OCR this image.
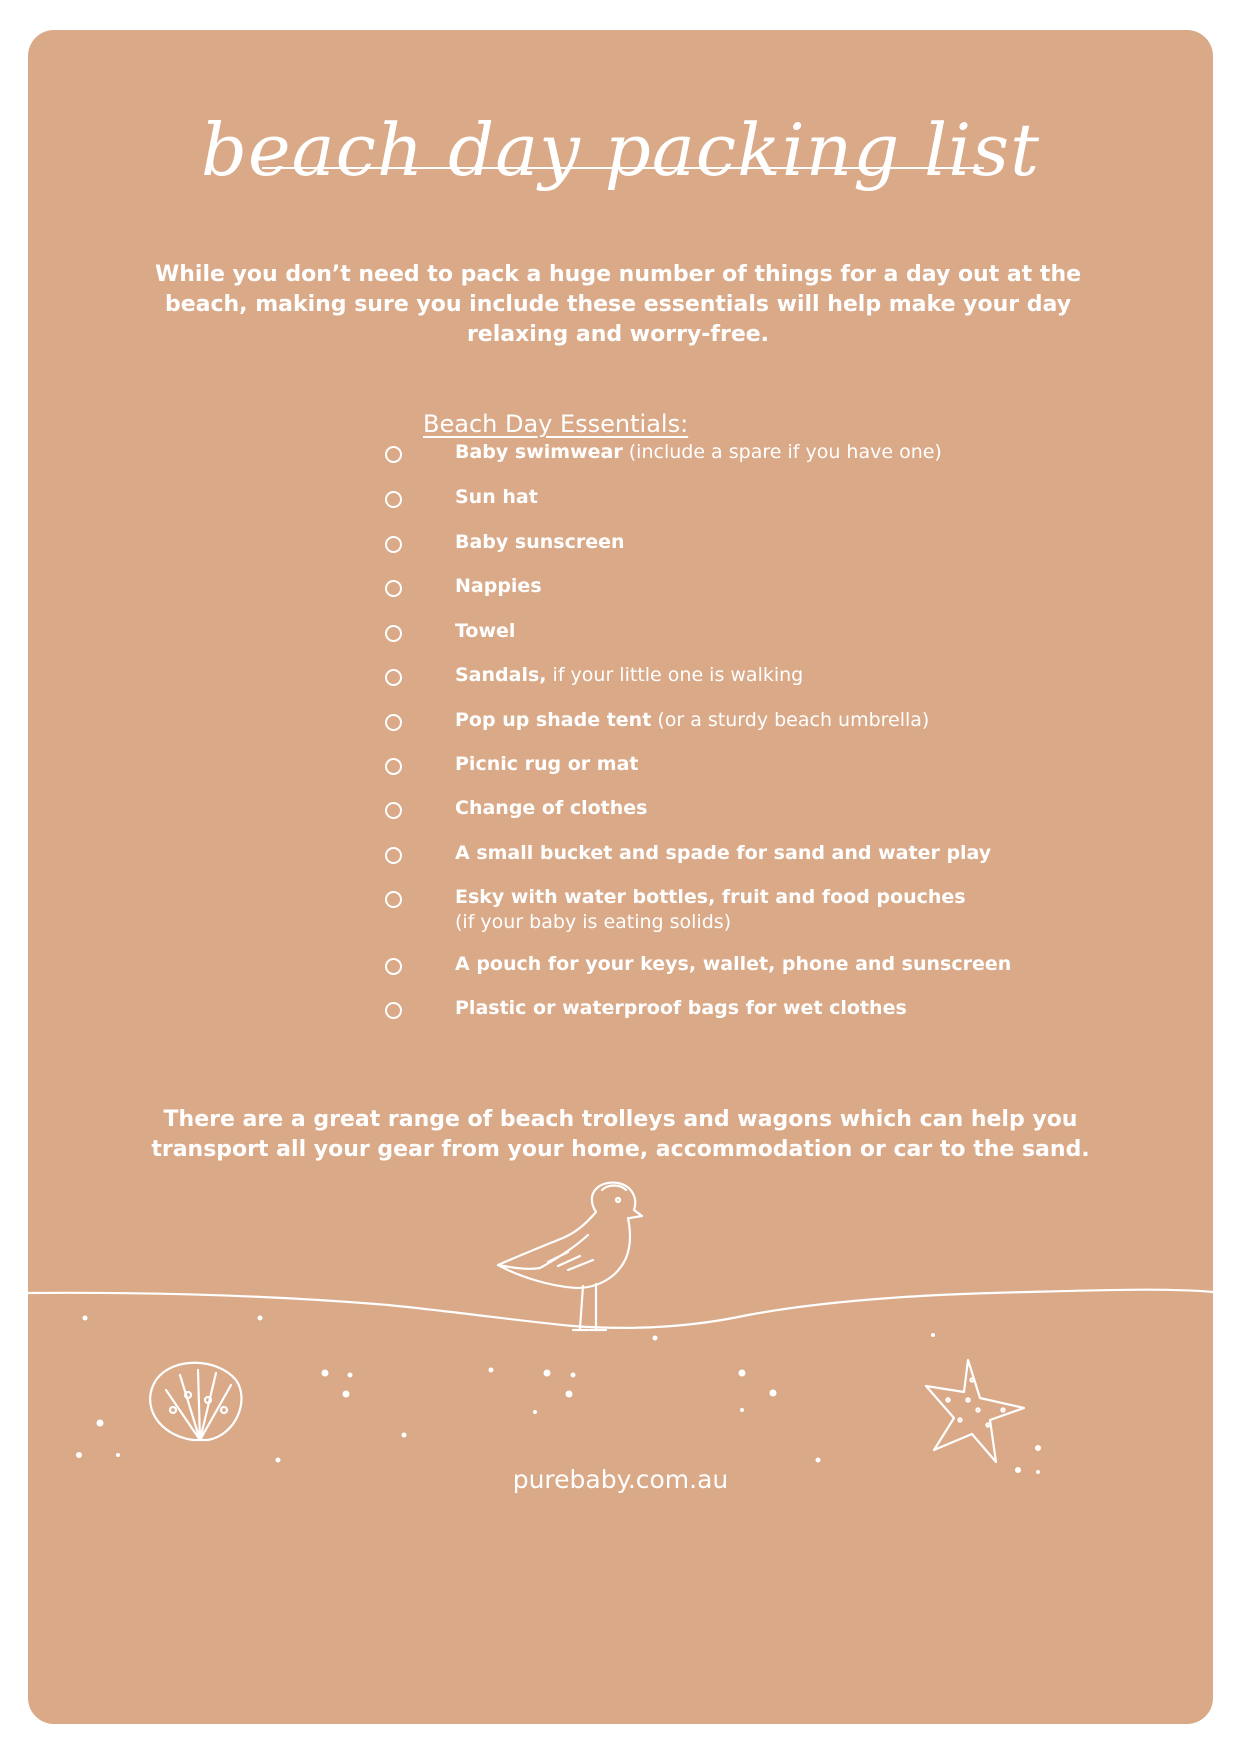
beach day packing list

While you don’t need to pack a huge number of things for a day out at the beach, making sure you include these essentials will help make your day relaxing and worry-free.

Beach Day Essentials:
Baby swimwear (include a spare if you have one)
Sun hat
Baby sunscreen
Nappies
Towel
Sandals, if your little one is walking
Pop up shade tent (or a sturdy beach umbrella)
Picnic rug or mat
Change of clothes
A small bucket and spade for sand and water play
Esky with water bottles, fruit and food pouches
(if your baby is eating solids)
A pouch for your keys, wallet, phone and sunscreen
Plastic or waterproof bags for wet clothes

There are a great range of beach trolleys and wagons which can help you transport all your gear from your home, accommodation or car to the sand.

purebaby.com.au
